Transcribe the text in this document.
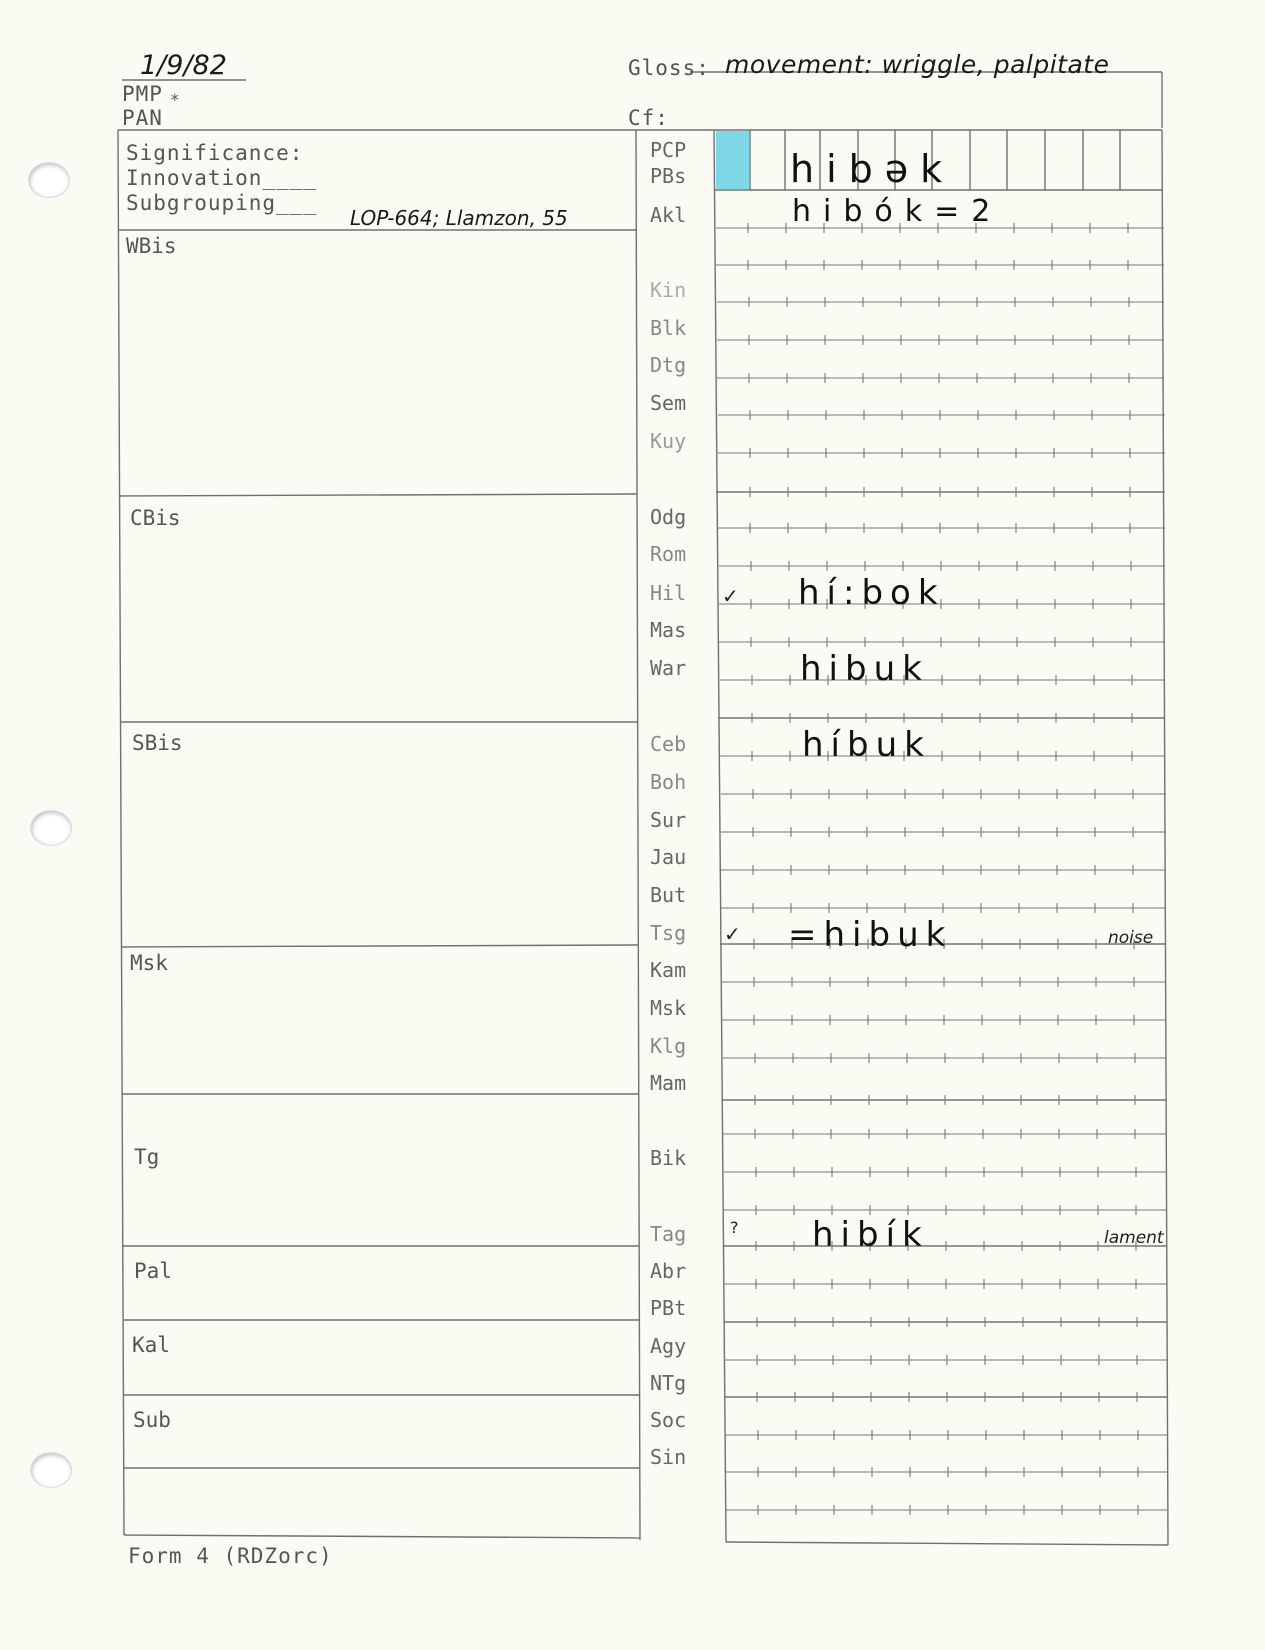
1/9/82
PMP *
PAN
Gloss: movement: wriggle, palpitate
Cf:
Significance:
Innovation____
Subgrouping___
LOP-664; Llamzon, 55
WBis
CBis
SBis
Msk
Tg
Pal
Kal
Sub
PCP
PBs
Akl
Kin
Blk
Dtg
Sem
Kuy
Odg
Rom
Hil
Mas
War
Ceb
Boh
Sur
Jau
But
Tsg
Kam
Msk
Klg
Mam
Bik
Tag
Abr
PBt
Agy
NTg
Soc
Sin
hibək
hibók=2
✓ hí:bok
hibuk
híbuk
✓ =hibuk	noise
? hibík	lament
Form 4 (RDZorc)
